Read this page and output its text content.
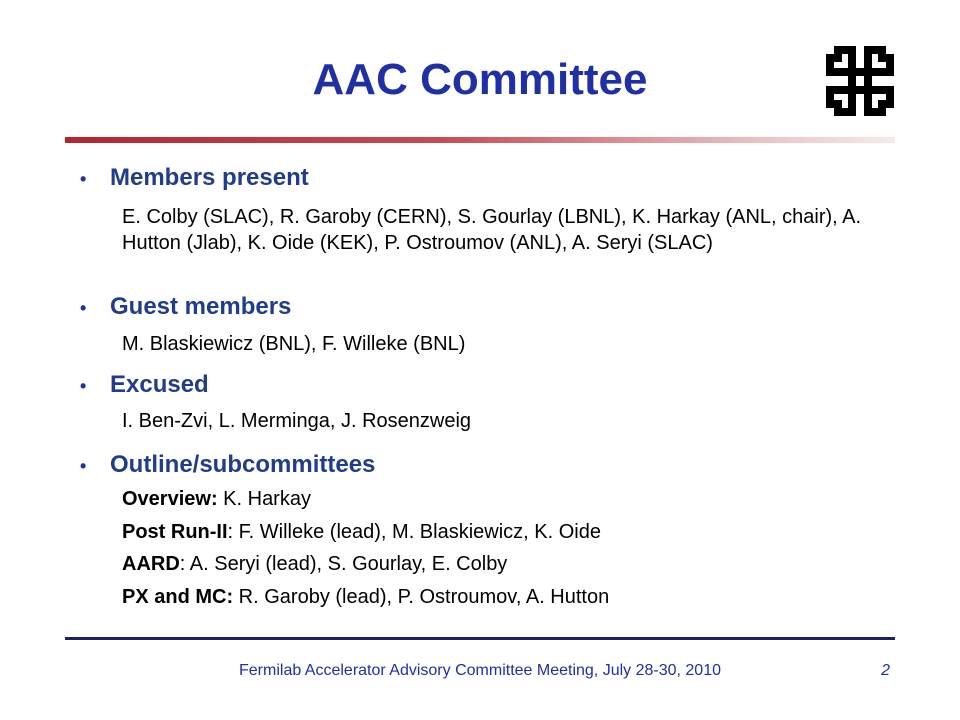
AAC Committee
• Members present
E. Colby (SLAC), R. Garoby (CERN), S. Gourlay (LBNL), K. Harkay (ANL, chair), A. Hutton (Jlab), K. Oide (KEK), P. Ostroumov (ANL), A. Seryi (SLAC)
• Guest members
M. Blaskiewicz (BNL), F. Willeke (BNL)
• Excused
I. Ben-Zvi, L. Merminga, J. Rosenzweig
• Outline/subcommittees
Overview: K. Harkay
Post Run-II: F. Willeke (lead), M. Blaskiewicz, K. Oide
AARD: A. Seryi (lead), S. Gourlay, E. Colby
PX and MC: R. Garoby (lead), P. Ostroumov, A. Hutton
Fermilab Accelerator Advisory Committee Meeting, July 28-30, 2010	2
